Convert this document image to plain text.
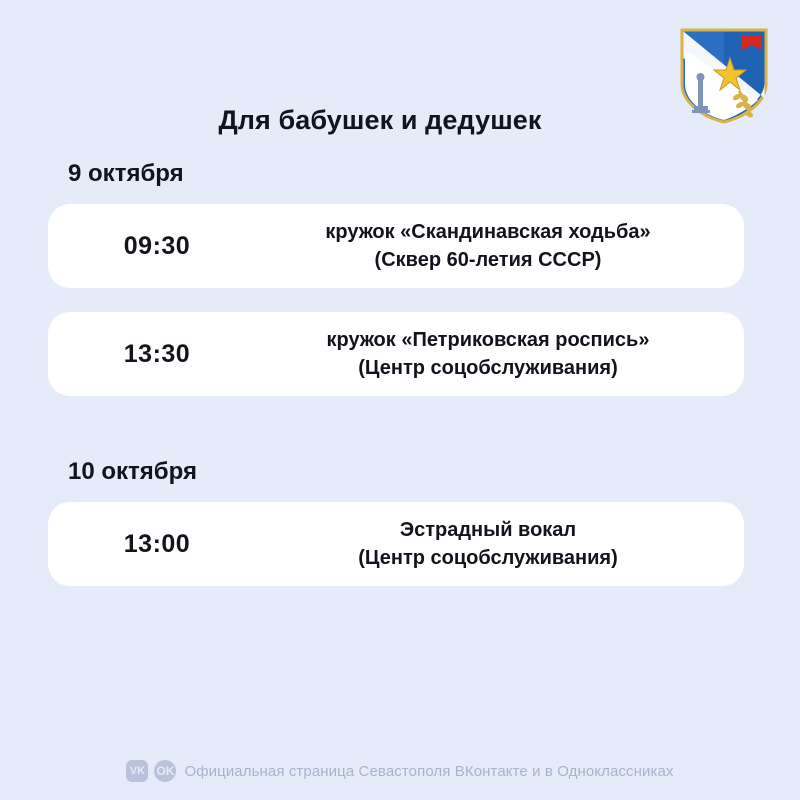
Для бабушек и дедушек
9 октября
09:30	кружок «Скандинавская ходьба»
(Сквер 60-летия СССР)
13:30	кружок «Петриковская роспись»
(Центр соцобслуживания)
10 октября
13:00	Эстрадный вокал
(Центр соцобслуживания)
VK OK Официальная страница Севастополя ВКонтакте и в Одноклассниках
